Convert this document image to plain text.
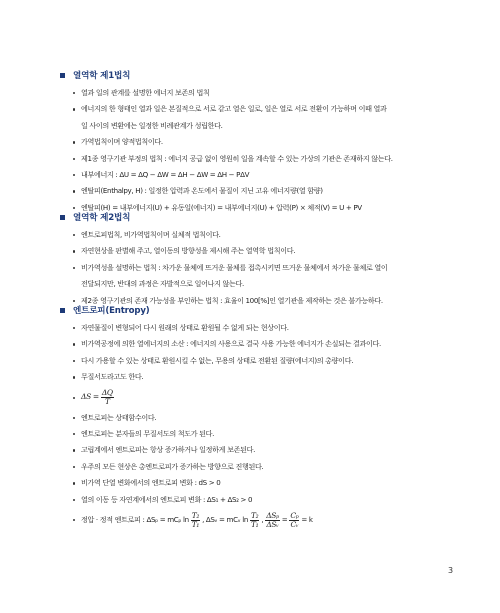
열역학 제1법칙
열과 일의 관계를 설명한 에너지 보존의 법칙
에너지의 한 형태인 열과 일은 본질적으로 서로 같고 열은 일로, 일은 열로 서로 전환이 가능하며 이때 열과
일 사이의 변환에는 일정한 비례관계가 성립한다.
가역법칙이며 양적법칙이다.
제1종 영구기관 부정의 법칙 : 에너지 공급 없이 영원히 일을 계속할 수 있는 가상의 기관은 존재하지 않는다.
내부에너지 : ΔU = ΔQ − ΔW = ΔH − ΔW = ΔH − PΔV
엔탈피(Enthalpy, H) : 일정한 압력과 온도에서 물질이 지닌 고유 에너지량(열 함량)
엔탈피(H) = 내부에너지(U) + 유동일(에너지) = 내부에너지(U) + 압력(P) × 체적(V) = U + PV
열역학 제2법칙
엔트로피법칙, 비가역법칙이며 실체적 법칙이다.
자연현상을 판별해 주고, 열이동의 방향성을 제시해 주는 열역학 법칙이다.
비가역성을 설명하는 법칙 : 차가운 물체에 뜨거운 물체를 접촉시키면 뜨거운 물체에서 차가운 물체로 열이
전달되지만, 반대의 과정은 자발적으로 일어나지 않는다.
제2종 영구기관의 존재 가능성을 부인하는 법칙 : 효율이 100[%]인 열기관을 제작하는 것은 불가능하다.
엔트로피(Entropy)
자연물질이 변형되어 다시 원래의 상태로 환원될 수 없게 되는 현상이다.
비가역공정에 의한 열에너지의 소산 : 에너지의 사용으로 결국 사용 가능한 에너지가 손실되는 결과이다.
다시 가용할 수 있는 상태로 환원시킬 수 없는, 무용의 상태로 전환된 질량(에너지)의 총량이다.
무질서도라고도 한다.
$\Delta S = \frac{\Delta Q}{T}$
엔트로피는 상태함수이다.
엔트로피는 분자들의 무질서도의 척도가 된다.
고립계에서 엔트로피는 항상 증가하거나 일정하게 보존된다.
우주의 모든 현상은 총엔트로피가 증가하는 방향으로 진행된다.
비가역 단열 변화에서의 엔트로피 변화 : dS > 0
열의 이동 등 자연계에서의 엔트로피 변화 : ΔS₁ + ΔS₂ > 0
정압 · 정적 엔트로피 : ΔSₚ = mCₚ $\ln \frac{\text{T₂}}{\text{T₁}}$ , ΔSᵥ = mCᵥ $\ln \frac{\text{T₂}}{\text{T₁}}$ , $\frac{\text{ΔSₚ}}{\text{ΔSᵥ}} = \frac{\text{Cₚ}}{\text{Cᵥ}} = k$
3
